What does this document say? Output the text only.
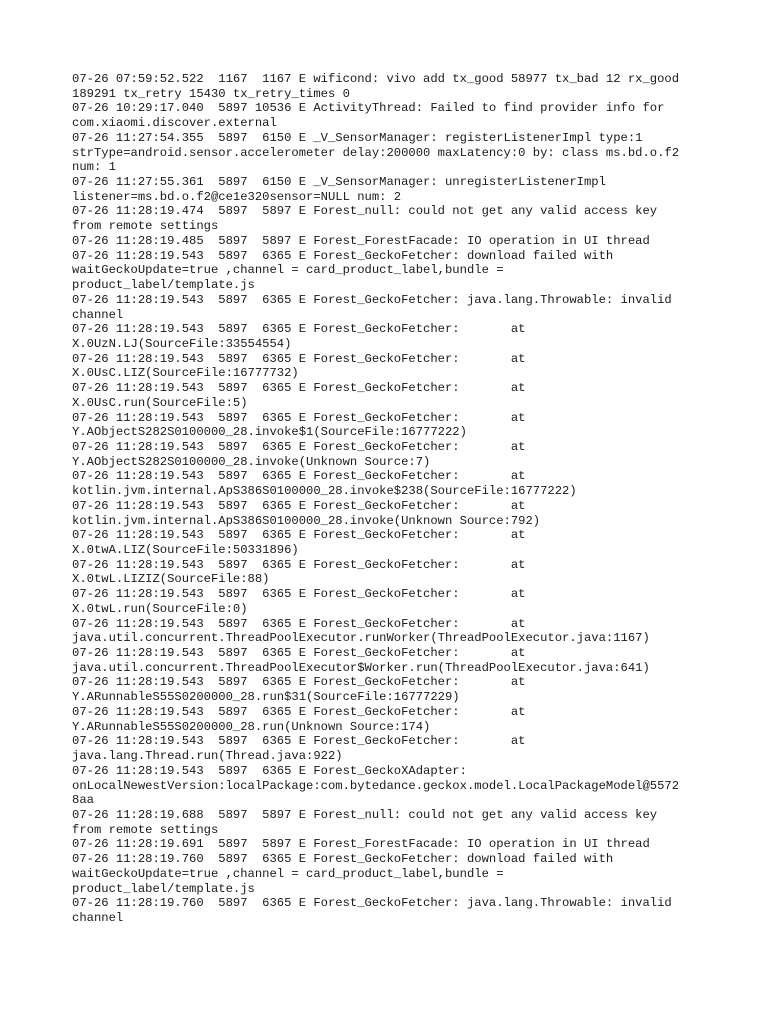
07-26 07:59:52.522  1167  1167 E wificond: vivo add tx_good 58977 tx_bad 12 rx_good
189291 tx_retry 15430 tx_retry_times 0
07-26 10:29:17.040  5897 10536 E ActivityThread: Failed to find provider info for
com.xiaomi.discover.external
07-26 11:27:54.355  5897  6150 E _V_SensorManager: registerListenerImpl type:1
strType=android.sensor.accelerometer delay:200000 maxLatency:0 by: class ms.bd.o.f2
num: 1
07-26 11:27:55.361  5897  6150 E _V_SensorManager: unregisterListenerImpl
listener=ms.bd.o.f2@ce1e320sensor=NULL num: 2
07-26 11:28:19.474  5897  5897 E Forest_null: could not get any valid access key
from remote settings
07-26 11:28:19.485  5897  5897 E Forest_ForestFacade: IO operation in UI thread
07-26 11:28:19.543  5897  6365 E Forest_GeckoFetcher: download failed with
waitGeckoUpdate=true ,channel = card_product_label,bundle =
product_label/template.js
07-26 11:28:19.543  5897  6365 E Forest_GeckoFetcher: java.lang.Throwable: invalid
channel
07-26 11:28:19.543  5897  6365 E Forest_GeckoFetcher:       at
X.0UzN.LJ(SourceFile:33554554)
07-26 11:28:19.543  5897  6365 E Forest_GeckoFetcher:       at
X.0UsC.LIZ(SourceFile:16777732)
07-26 11:28:19.543  5897  6365 E Forest_GeckoFetcher:       at
X.0UsC.run(SourceFile:5)
07-26 11:28:19.543  5897  6365 E Forest_GeckoFetcher:       at
Y.AObjectS282S0100000_28.invoke$1(SourceFile:16777222)
07-26 11:28:19.543  5897  6365 E Forest_GeckoFetcher:       at
Y.AObjectS282S0100000_28.invoke(Unknown Source:7)
07-26 11:28:19.543  5897  6365 E Forest_GeckoFetcher:       at
kotlin.jvm.internal.ApS386S0100000_28.invoke$238(SourceFile:16777222)
07-26 11:28:19.543  5897  6365 E Forest_GeckoFetcher:       at
kotlin.jvm.internal.ApS386S0100000_28.invoke(Unknown Source:792)
07-26 11:28:19.543  5897  6365 E Forest_GeckoFetcher:       at
X.0twA.LIZ(SourceFile:50331896)
07-26 11:28:19.543  5897  6365 E Forest_GeckoFetcher:       at
X.0twL.LIZIZ(SourceFile:88)
07-26 11:28:19.543  5897  6365 E Forest_GeckoFetcher:       at
X.0twL.run(SourceFile:0)
07-26 11:28:19.543  5897  6365 E Forest_GeckoFetcher:       at
java.util.concurrent.ThreadPoolExecutor.runWorker(ThreadPoolExecutor.java:1167)
07-26 11:28:19.543  5897  6365 E Forest_GeckoFetcher:       at
java.util.concurrent.ThreadPoolExecutor$Worker.run(ThreadPoolExecutor.java:641)
07-26 11:28:19.543  5897  6365 E Forest_GeckoFetcher:       at
Y.ARunnableS55S0200000_28.run$31(SourceFile:16777229)
07-26 11:28:19.543  5897  6365 E Forest_GeckoFetcher:       at
Y.ARunnableS55S0200000_28.run(Unknown Source:174)
07-26 11:28:19.543  5897  6365 E Forest_GeckoFetcher:       at
java.lang.Thread.run(Thread.java:922)
07-26 11:28:19.543  5897  6365 E Forest_GeckoXAdapter:
onLocalNewestVersion:localPackage:com.bytedance.geckox.model.LocalPackageModel@5572
8aa
07-26 11:28:19.688  5897  5897 E Forest_null: could not get any valid access key
from remote settings
07-26 11:28:19.691  5897  5897 E Forest_ForestFacade: IO operation in UI thread
07-26 11:28:19.760  5897  6365 E Forest_GeckoFetcher: download failed with
waitGeckoUpdate=true ,channel = card_product_label,bundle =
product_label/template.js
07-26 11:28:19.760  5897  6365 E Forest_GeckoFetcher: java.lang.Throwable: invalid
channel
